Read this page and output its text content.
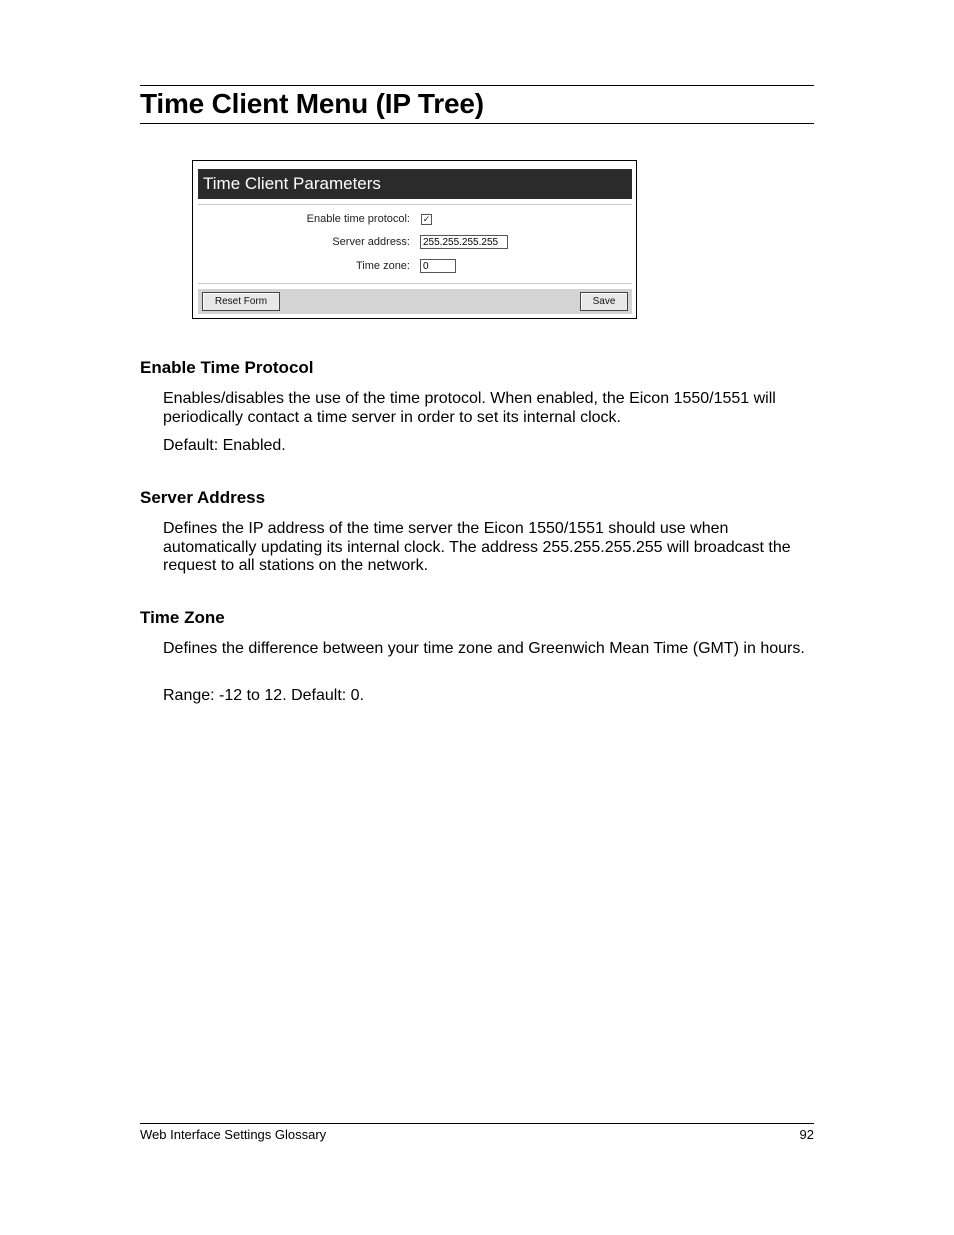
Time Client Menu (IP Tree)
Time Client Parameters
Enable time protocol: ✓
Server address:
255.255.255.255
Time zone:
0
Reset Form	Save
Enable Time Protocol

Enables/disables the use of the time protocol. When enabled, the Eicon 1550/1551 will periodically contact a time server in order to set its internal clock.

Default: Enabled.

Server Address

Defines the IP address of the time server the Eicon 1550/1551 should use when automatically updating its internal clock. The address 255.255.255.255 will broadcast the request to all stations on the network.

Time Zone

Defines the difference between your time zone and Greenwich Mean Time (GMT) in hours.

Range: -12 to 12. Default: 0.

Web Interface Settings Glossary	92
